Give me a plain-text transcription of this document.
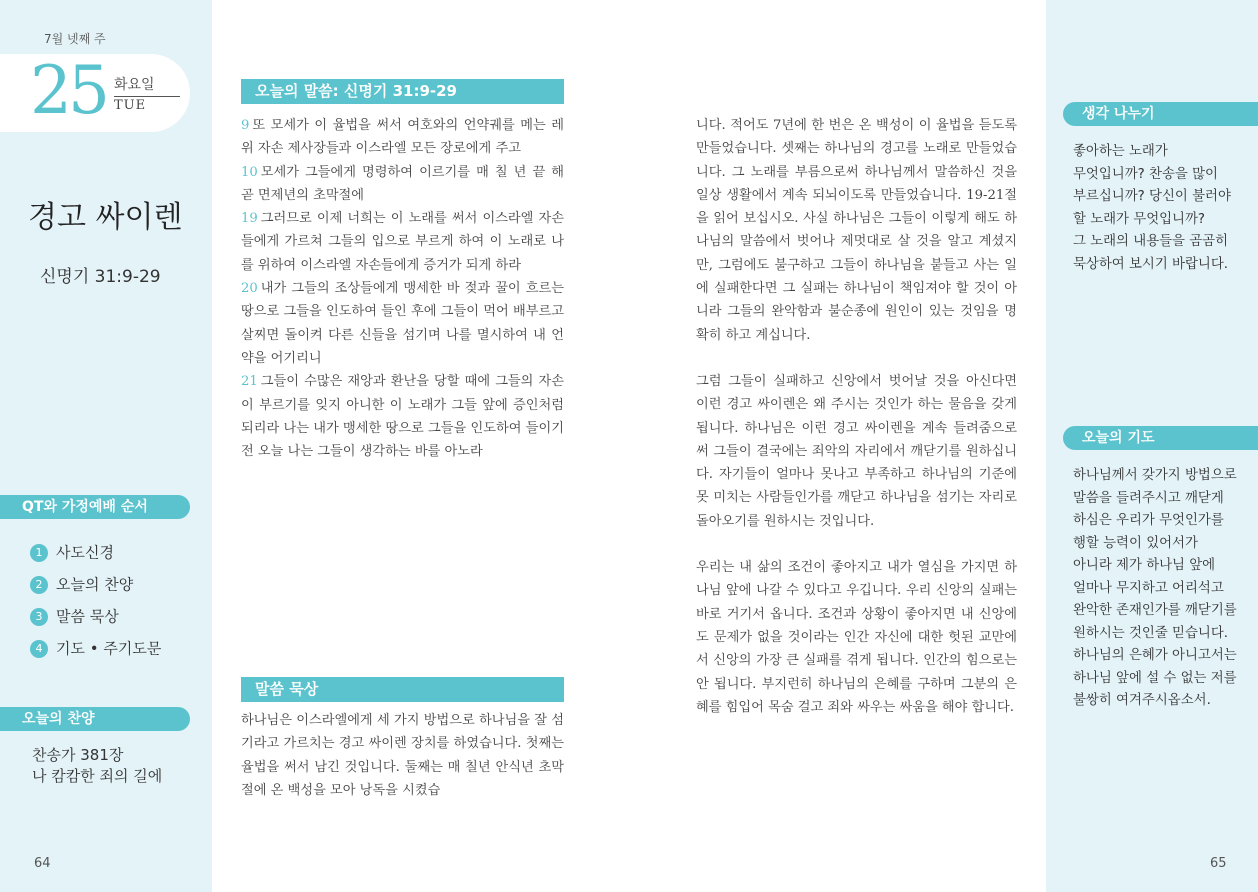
7월 넷째 주
25 화요일
TUE
경고 싸이렌
신명기 31:9-29
QT와 가정예배 순서
1 사도신경
2 오늘의 찬양
3 말씀 묵상
4 기도 • 주기도문
오늘의 찬양
찬송가 381장
나 캄캄한 죄의 길에
64
오늘의 말씀: 신명기 31:9-29

9 또 모세가 이 율법을 써서 여호와의 언약궤를 메는 레위 자손 제사장들과 이스라엘 모든 장로에게 주고

10 모세가 그들에게 명령하여 이르기를 매 칠 년 끝 해 곧 면제년의 초막절에

19 그러므로 이제 너희는 이 노래를 써서 이스라엘 자손들에게 가르쳐 그들의 입으로 부르게 하여 이 노래로 나를 위하여 이스라엘 자손들에게 증거가 되게 하라

20 내가 그들의 조상들에게 맹세한 바 젖과 꿀이 흐르는 땅으로 그들을 인도하여 들인 후에 그들이 먹어 배부르고 살찌면 돌이켜 다른 신들을 섬기며 나를 멸시하여 내 언약을 어기리니

21 그들이 수많은 재앙과 환난을 당할 때에 그들의 자손이 부르기를 잊지 아니한 이 노래가 그들 앞에 증인처럼 되리라 나는 내가 맹세한 땅으로 그들을 인도하여 들이기 전 오늘 나는 그들이 생각하는 바를 아노라

말씀 묵상
하나님은 이스라엘에게 세 가지 방법으로 하나님을 잘 섬기라고 가르치는 경고 싸이렌 장치를 하였습니다. 첫째는 율법을 써서 남긴 것입니다. 둘째는 매 칠년 안식년 초막절에 온 백성을 모아 낭독을 시켰습

니다. 적어도 7년에 한 번은 온 백성이 이 율법을 듣도록 만들었습니다. 셋째는 하나님의 경고를 노래로 만들었습니다. 그 노래를 부름으로써 하나님께서 말씀하신 것을 일상 생활에서 계속 되뇌이도록 만들었습니다. 19-21절을 읽어 보십시오. 사실 하나님은 그들이 이렇게 해도 하나님의 말씀에서 벗어나 제멋대로 살 것을 알고 계셨지만, 그럼에도 불구하고 그들이 하나님을 붙들고 사는 일에 실패한다면 그 실패는 하나님이 책임져야 할 것이 아니라 그들의 완악함과 불순종에 원인이 있는 것임을 명확히 하고 계십니다.

그럼 그들이 실패하고 신앙에서 벗어날 것을 아신다면 이런 경고 싸이렌은 왜 주시는 것인가 하는 물음을 갖게 됩니다. 하나님은 이런 경고 싸이렌을 계속 들려줌으로써 그들이 결국에는 죄악의 자리에서 깨닫기를 원하십니다. 자기들이 얼마나 못나고 부족하고 하나님의 기준에 못 미치는 사람들인가를 깨닫고 하나님을 섬기는 자리로 돌아오기를 원하시는 것입니다.

우리는 내 삶의 조건이 좋아지고 내가 열심을 가지면 하나님 앞에 나갈 수 있다고 우깁니다. 우리 신앙의 실패는 바로 거기서 옵니다. 조건과 상황이 좋아지면 내 신앙에도 문제가 없을 것이라는 인간 자신에 대한 헛된 교만에서 신앙의 가장 큰 실패를 겪게 됩니다. 인간의 힘으로는 안 됩니다. 부지런히 하나님의 은혜를 구하며 그분의 은혜를 힘입어 목숨 걸고 죄와 싸우는 싸움을 해야 합니다.

생각 나누기
좋아하는 노래가
무엇입니까? 찬송을 많이
부르십니까? 당신이 불러야
할 노래가 무엇입니까?
그 노래의 내용들을 곰곰히
묵상하여 보시기 바랍니다.
오늘의 기도
하나님께서 갖가지 방법으로
말씀을 들려주시고 깨닫게
하심은 우리가 무엇인가를
행할 능력이 있어서가
아니라 제가 하나님 앞에
얼마나 무지하고 어리석고
완악한 존재인가를 깨닫기를
원하시는 것인줄 믿습니다.
하나님의 은혜가 아니고서는
하나님 앞에 설 수 없는 저를
불쌍히 여겨주시옵소서.
65
